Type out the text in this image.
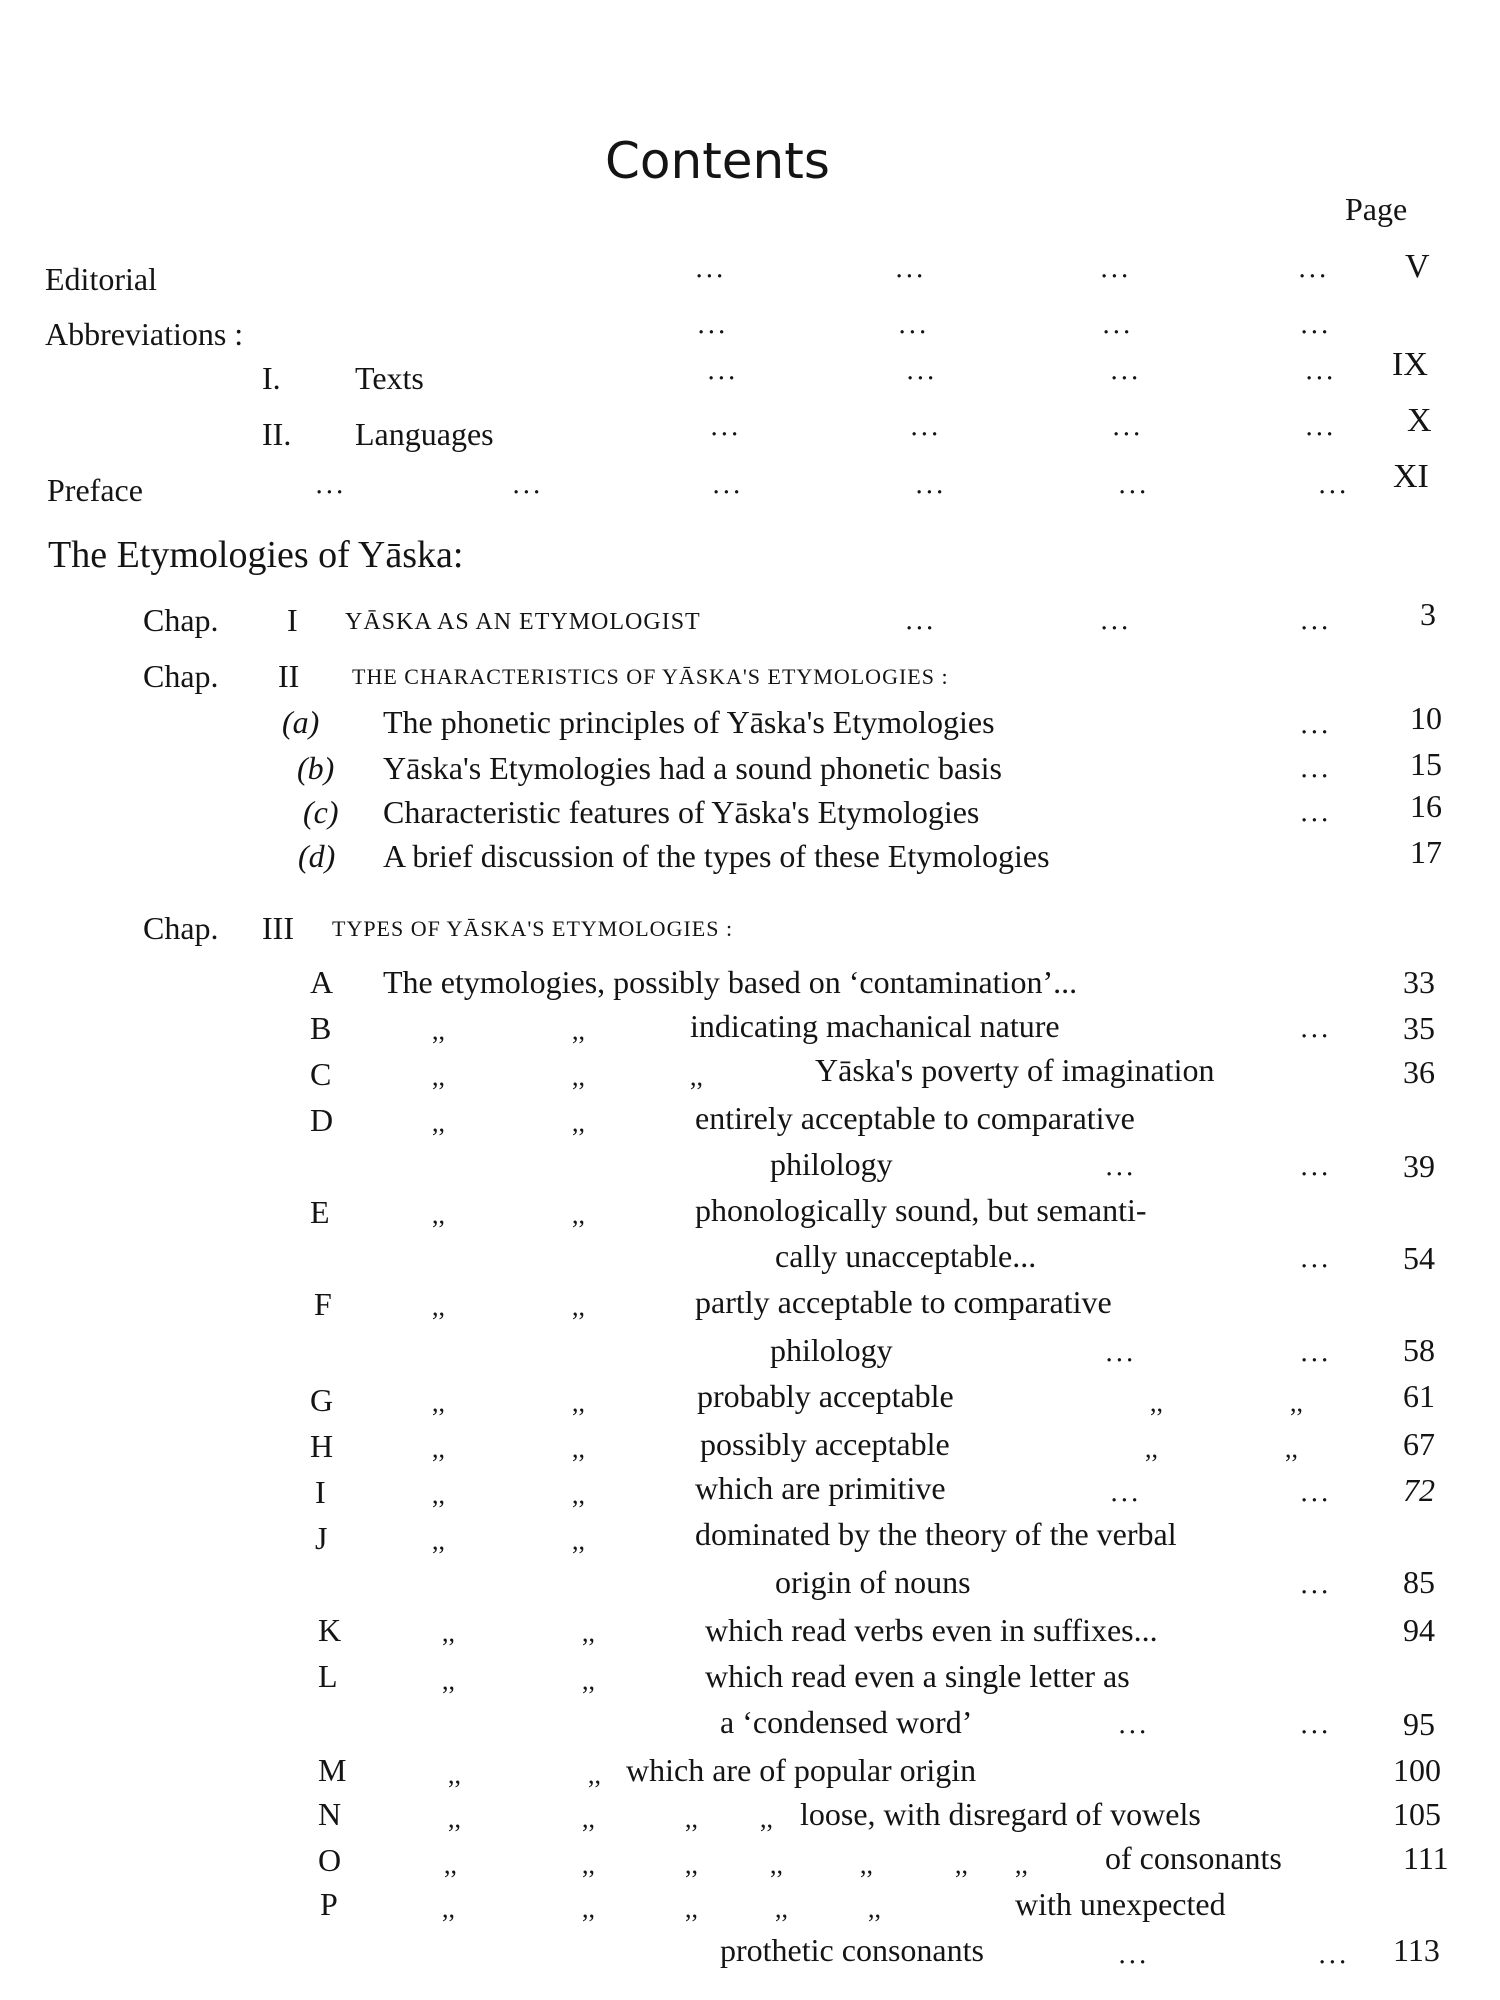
Contents
Page
Editorial	...	...	...	... V
Abbreviations :	...	...	...	...
I. Texts	...	...	...	... IX
II. Languages	...	...	...	... X
Preface	...	...	...	...	...	... XI
The Etymologies of Yāska:
Chap. I YĀSKA AS AN ETYMOLOGIST	...	...	...	3
Chap. II THE CHARACTERISTICS OF YĀSKA'S ETYMOLOGIES :
(a) The phonetic principles of Yāska's Etymologies	... 10
(b) Yāska's Etymologies had a sound phonetic basis	... 15
(c) Characteristic features of Yāska's Etymologies	... 16
(d) A brief discussion of the types of these Etymologies	17
Chap. III TYPES OF YĀSKA'S ETYMOLOGIES :
A The etymologies, possibly based on ‘contamination’...	33
B	,,	,,	indicating machanical nature	... 35
C	,,	,,	,,	Yāska's poverty of imagination	36
D	,,	,,	entirely acceptable to comparative
philology	...	... 39
E	,,	,,	phonologically sound, but semanti-
cally unacceptable...	... 54
F	,,	,,	partly acceptable to comparative
philology	...	... 58
G	,,	,,	probably acceptable	,,	,,	61
H	,,	,,	possibly acceptable	,,	,,	67
I	,,	,,	which are primitive	...	... 72
J	,,	,,	dominated by the theory of the verbal
origin of nouns	... 85
K	,,	,,	which read verbs even in suffixes...	94
L	,,	,,	which read even a single letter as
a ‘condensed word’	...	... 95
M	,,	,, which are of popular origin	100
N	,,	,,	,, ,, loose, with disregard of vowels	105
O	,,	,,	,,	,,	,,	,, ,, of consonants	111
P	,,	,,	,,	,,	,,	with unexpected
prothetic consonants	...	... 113
